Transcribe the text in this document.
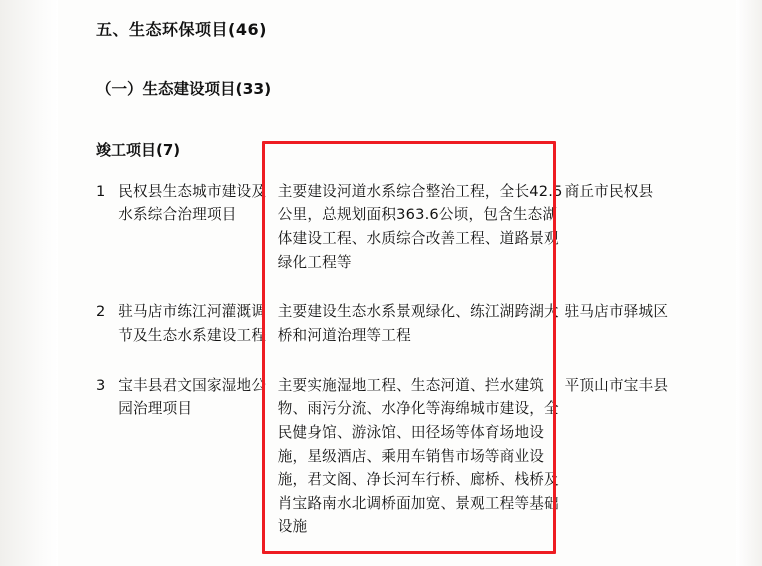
五、生态环保项目(46)
（一）生态建设项目(33)
竣工项目(7)
1	民权县生态城市建设及水系综合治理项目	主要建设河道水系综合整治工程，全长42.5公里，总规划面积363.6公顷，包含生态湖体建设工程、水质综合改善工程、道路景观绿化工程等	商丘市民权县
2	驻马店市练江河灌溉调节及生态水系建设工程	主要建设生态水系景观绿化、练江湖跨湖大桥和河道治理等工程	驻马店市驿城区
3	宝丰县君文国家湿地公园治理项目	主要实施湿地工程、生态河道、拦水建筑物、雨污分流、水净化等海绵城市建设，全民健身馆、游泳馆、田径场等体育场地设施，星级酒店、乘用车销售市场等商业设施，君文阁、净长河车行桥、廊桥、栈桥及肖宝路南水北调桥面加宽、景观工程等基础设施	平顶山市宝丰县
